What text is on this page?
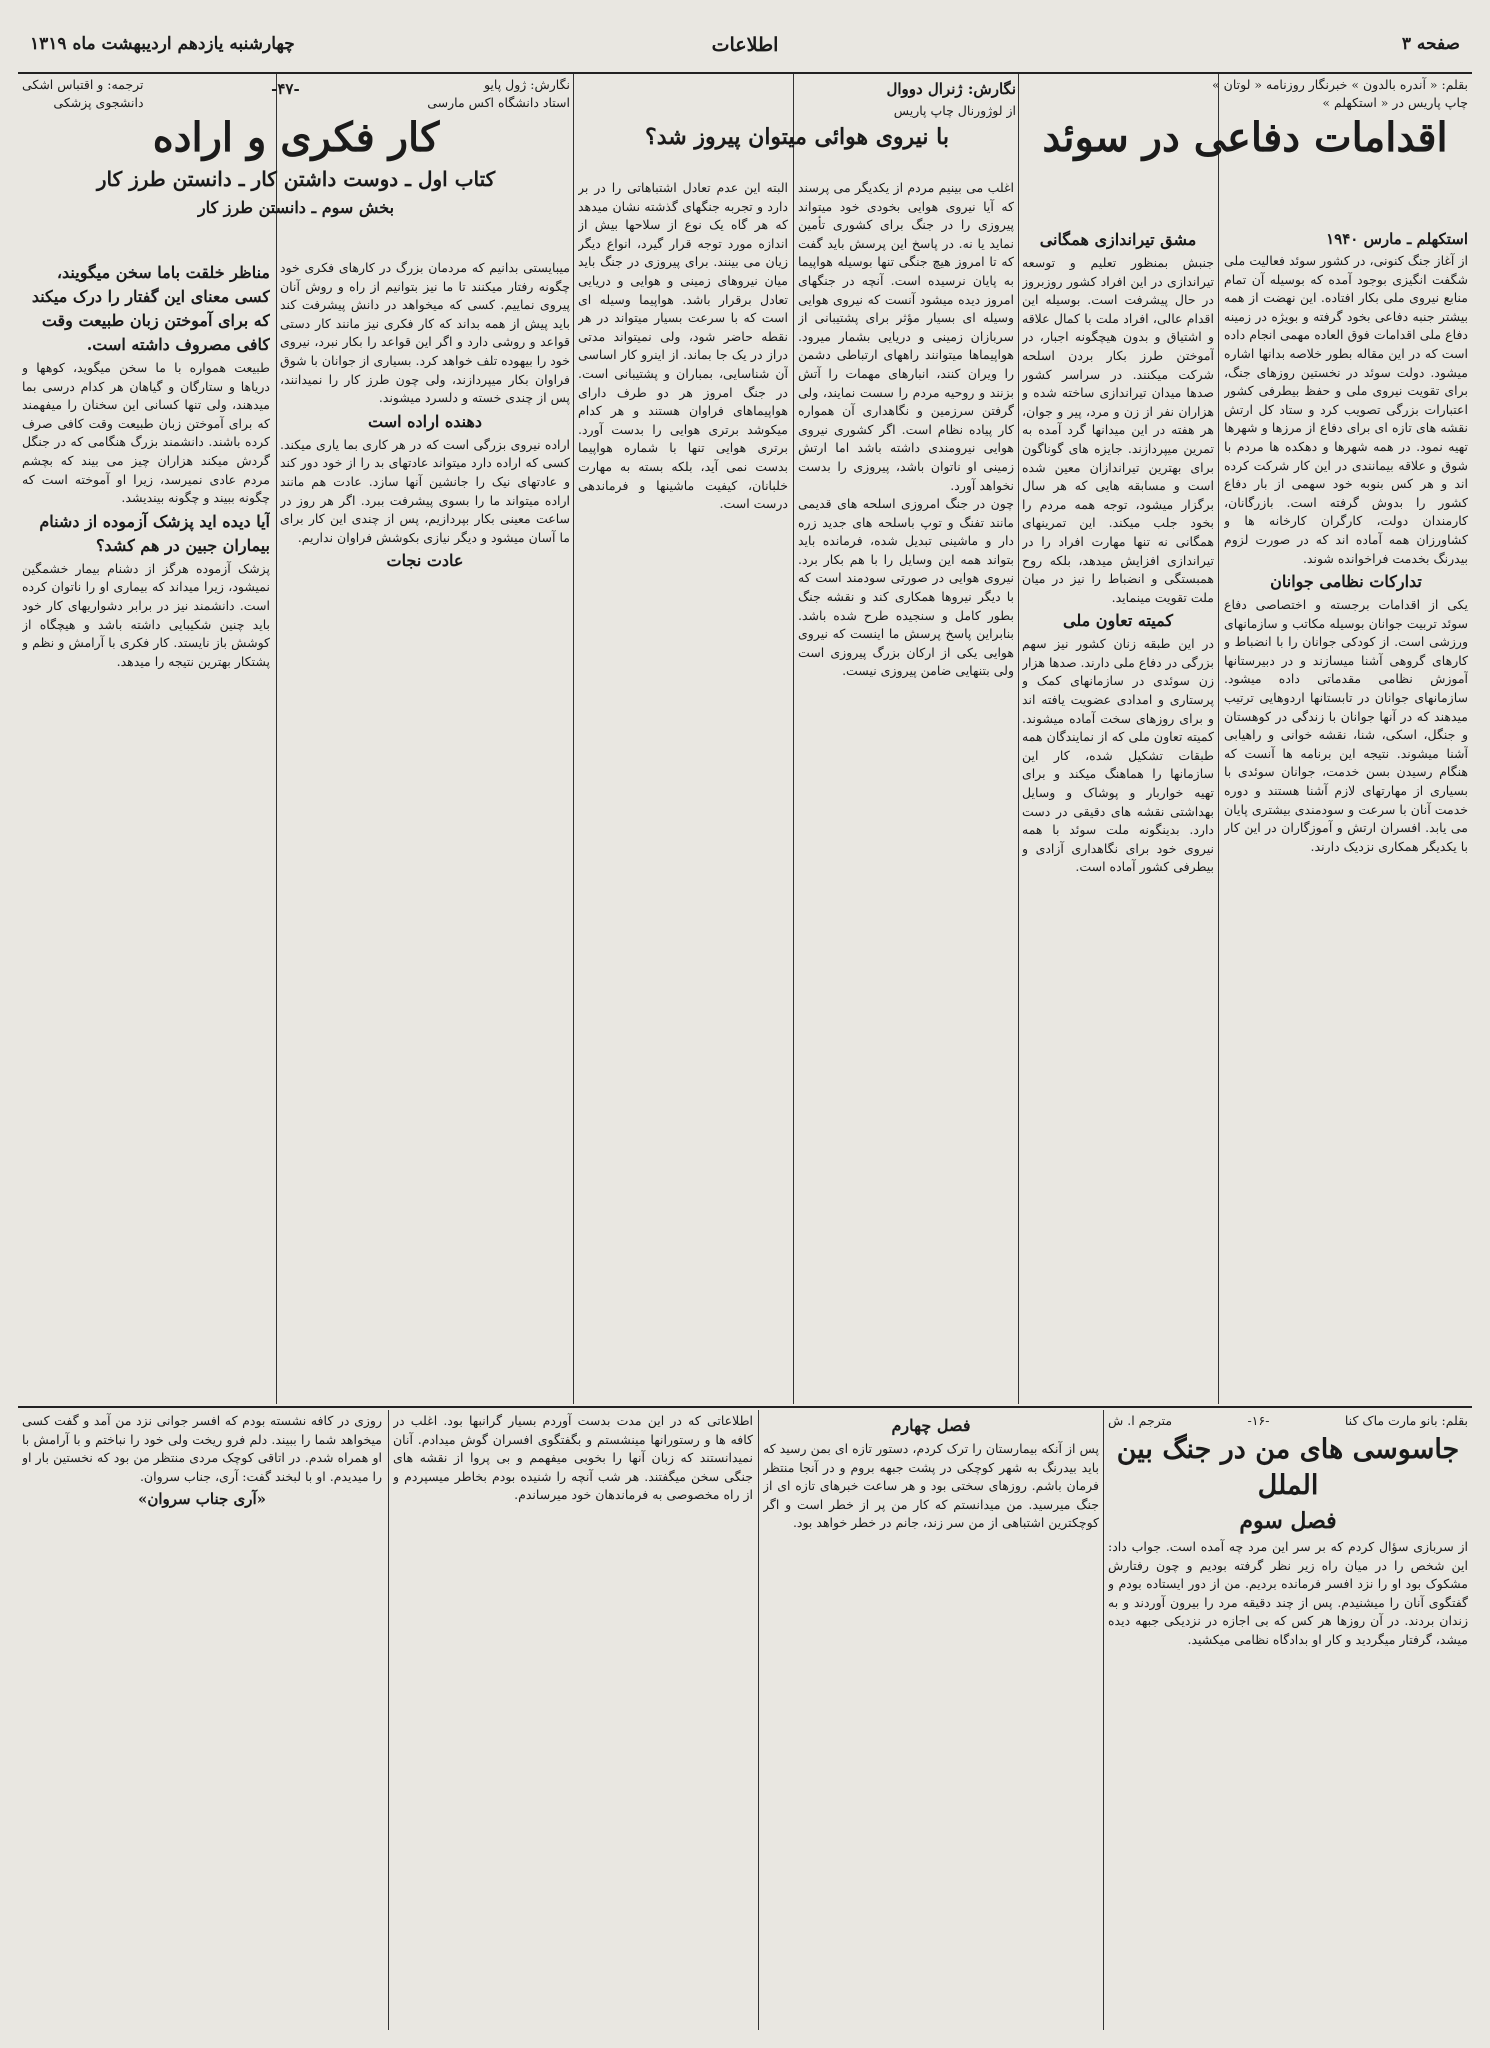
صفحه ۳
اطلاعات
چهارشنبه یازدهم اردیبهشت ماه ۱۳۱۹

بقلم: « آندره بالدون » خبرنگار روزنامه « لوتان »

چاپ پاریس در « استکهلم »

اقدامات دفاعی در سوئد

استکهلم ـ مارس ۱۹۴۰

از آغاز جنگ کنونی، در کشور سوئد فعالیت ملی شگفت انگیزی بوجود آمده که بوسیله آن تمام منابع نیروی ملی بکار افتاده. این نهضت از همه بیشتر جنبه دفاعی بخود گرفته و بویژه در زمینه دفاع ملی اقدامات فوق العاده مهمی انجام داده است که در این مقاله بطور خلاصه بدانها اشاره میشود. دولت سوئد در نخستین روزهای جنگ، برای تقویت نیروی ملی و حفظ بیطرفی کشور اعتبارات بزرگی تصویب کرد و ستاد کل ارتش نقشه های تازه ای برای دفاع از مرزها و شهرها تهیه نمود. در همه شهرها و دهکده ها مردم با شوق و علاقه بیمانندی در این کار شرکت کرده اند و هر کس بنوبه خود سهمی از بار دفاع کشور را بدوش گرفته است. بازرگانان، کارمندان دولت، کارگران کارخانه ها و کشاورزان همه آماده اند که در صورت لزوم بیدرنگ بخدمت فراخوانده شوند.

تدارکات نظامی جوانان

یکی از اقدامات برجسته و اختصاصی دفاع سوئد تربیت جوانان بوسیله مکاتب و سازمانهای ورزشی است. از کودکی جوانان را با انضباط و کارهای گروهی آشنا میسازند و در دبیرستانها آموزش نظامی مقدماتی داده میشود. سازمانهای جوانان در تابستانها اردوهایی ترتیب میدهند که در آنها جوانان با زندگی در کوهستان و جنگل، اسکی، شنا، نقشه خوانی و راهیابی آشنا میشوند. نتیجه این برنامه ها آنست که هنگام رسیدن بسن خدمت، جوانان سوئدی با بسیاری از مهارتهای لازم آشنا هستند و دوره خدمت آنان با سرعت و سودمندی بیشتری پایان می یابد. افسران ارتش و آموزگاران در این کار با یکدیگر همکاری نزدیک دارند.

مشق تیراندازی همگانی

جنبش بمنظور تعلیم و توسعه تیراندازی در این افراد کشور روزبروز در حال پیشرفت است. بوسیله این اقدام عالی، افراد ملت با کمال علاقه و اشتیاق و بدون هیچگونه اجبار، در آموختن طرز بکار بردن اسلحه شرکت میکنند. در سراسر کشور صدها میدان تیراندازی ساخته شده و هزاران نفر از زن و مرد، پیر و جوان، هر هفته در این میدانها گرد آمده به تمرین میپردازند. جایزه های گوناگون برای بهترین تیراندازان معین شده است و مسابقه هایی که هر سال برگزار میشود، توجه همه مردم را بخود جلب میکند. این تمرینهای همگانی نه تنها مهارت افراد را در تیراندازی افزایش میدهد، بلکه روح همبستگی و انضباط را نیز در میان ملت تقویت مینماید.

کمیته تعاون ملی

در این طبقه زنان کشور نیز سهم بزرگی در دفاع ملی دارند. صدها هزار زن سوئدی در سازمانهای کمک و پرستاری و امدادی عضویت یافته اند و برای روزهای سخت آماده میشوند. کمیته تعاون ملی که از نمایندگان همه طبقات تشکیل شده، کار این سازمانها را هماهنگ میکند و برای تهیه خواربار و پوشاک و وسایل بهداشتی نقشه های دقیقی در دست دارد. بدینگونه ملت سوئد با همه نیروی خود برای نگاهداری آزادی و بیطرفی کشور آماده است.

نگارش: ژنرال دووال

از لوژورنال چاپ پاریس

با نیروی هوائی میتوان پیروز شد؟

اغلب می بینیم مردم از یکدیگر می پرسند که آیا نیروی هوایی بخودی خود میتواند پیروزی را در جنگ برای کشوری تأمین نماید یا نه. در پاسخ این پرسش باید گفت که تا امروز هیچ جنگی تنها بوسیله هواپیما به پایان نرسیده است. آنچه در جنگهای امروز دیده میشود آنست که نیروی هوایی وسیله ای بسیار مؤثر برای پشتیبانی از سربازان زمینی و دریایی بشمار میرود. هواپیماها میتوانند راههای ارتباطی دشمن را ویران کنند، انبارهای مهمات را آتش بزنند و روحیه مردم را سست نمایند، ولی گرفتن سرزمین و نگاهداری آن همواره کار پیاده نظام است. اگر کشوری نیروی هوایی نیرومندی داشته باشد اما ارتش زمینی او ناتوان باشد، پیروزی را بدست نخواهد آورد.

چون در جنگ امروزی اسلحه های قدیمی مانند تفنگ و توپ باسلحه های جدید زره دار و ماشینی تبدیل شده، فرمانده باید بتواند همه این وسایل را با هم بکار برد. نیروی هوایی در صورتی سودمند است که با دیگر نیروها همکاری کند و نقشه جنگ بطور کامل و سنجیده طرح شده باشد. بنابراین پاسخ پرسش ما اینست که نیروی هوایی یکی از ارکان بزرگ پیروزی است ولی بتنهایی ضامن پیروزی نیست.

البته این عدم تعادل اشتباهاتی را در بر دارد و تجربه جنگهای گذشته نشان میدهد که هر گاه یک نوع از سلاحها بیش از اندازه مورد توجه قرار گیرد، انواع دیگر زیان می بینند. برای پیروزی در جنگ باید میان نیروهای زمینی و هوایی و دریایی تعادل برقرار باشد. هواپیما وسیله ای است که با سرعت بسیار میتواند در هر نقطه حاضر شود، ولی نمیتواند مدتی دراز در یک جا بماند. از اینرو کار اساسی آن شناسایی، بمباران و پشتیبانی است. در جنگ امروز هر دو طرف دارای هواپیماهای فراوان هستند و هر کدام میکوشد برتری هوایی را بدست آورد. برتری هوایی تنها با شماره هواپیما بدست نمی آید، بلکه بسته به مهارت خلبانان، کیفیت ماشینها و فرماندهی درست است.

نگارش: ژول پایو

استاد دانشگاه اکس مارسی

-۴۷-

ترجمه: و اقتباس اشکی

دانشجوی پزشکی

کار فکری و اراده

کتاب اول ـ دوست داشتن کار ـ دانستن طرز کار

بخش سوم ـ دانستن طرز کار

میبایستی بدانیم که مردمان بزرگ در کارهای فکری خود چگونه رفتار میکنند تا ما نیز بتوانیم از راه و روش آنان پیروی نماییم. کسی که میخواهد در دانش پیشرفت کند باید پیش از همه بداند که کار فکری نیز مانند کار دستی قواعد و روشی دارد و اگر این قواعد را بکار نبرد، نیروی خود را بیهوده تلف خواهد کرد. بسیاری از جوانان با شوق فراوان بکار میپردازند، ولی چون طرز کار را نمیدانند، پس از چندی خسته و دلسرد میشوند.

دهنده اراده است

اراده نیروی بزرگی است که در هر کاری بما یاری میکند. کسی که اراده دارد میتواند عادتهای بد را از خود دور کند و عادتهای نیک را جانشین آنها سازد. عادت هم مانند اراده میتواند ما را بسوی پیشرفت ببرد. اگر هر روز در ساعت معینی بکار بپردازیم، پس از چندی این کار برای ما آسان میشود و دیگر نیازی بکوشش فراوان نداریم.

عادت نجات

مناظر خلقت باما سخن میگویند، کسی معنای این گفتار را درک میکند که برای آموختن زبان طبیعت وقت کافی مصروف داشته است.

طبیعت همواره با ما سخن میگوید، کوهها و دریاها و ستارگان و گیاهان هر کدام درسی بما میدهند، ولی تنها کسانی این سخنان را میفهمند که برای آموختن زبان طبیعت وقت کافی صرف کرده باشند. دانشمند بزرگ هنگامی که در جنگل گردش میکند هزاران چیز می بیند که بچشم مردم عادی نمیرسد، زیرا او آموخته است که چگونه ببیند و چگونه بیندیشد.

آیا دیده اید پزشک آزموده از دشنام بیماران جبین در هم کشد؟

پزشک آزموده هرگز از دشنام بیمار خشمگین نمیشود، زیرا میداند که بیماری او را ناتوان کرده است. دانشمند نیز در برابر دشواریهای کار خود باید چنین شکیبایی داشته باشد و هیچگاه از کوشش باز نایستد. کار فکری با آرامش و نظم و پشتکار بهترین نتیجه را میدهد.

بقلم: بانو مارت ماک کنا

-۱۶-

مترجم ا. ش

جاسوسی های من در جنگ بین الملل

فصل سوم

از سربازی سؤال کردم که بر سر این مرد چه آمده است. جواب داد: این شخص را در میان راه زیر نظر گرفته بودیم و چون رفتارش مشکوک بود او را نزد افسر فرمانده بردیم. من از دور ایستاده بودم و گفتگوی آنان را میشنیدم. پس از چند دقیقه مرد را بیرون آوردند و به زندان بردند. در آن روزها هر کس که بی اجازه در نزدیکی جبهه دیده میشد، گرفتار میگردید و کار او بدادگاه نظامی میکشید.

فصل چهارم

پس از آنکه بیمارستان را ترک کردم، دستور تازه ای بمن رسید که باید بیدرنگ به شهر کوچکی در پشت جبهه بروم و در آنجا منتظر فرمان باشم. روزهای سختی بود و هر ساعت خبرهای تازه ای از جنگ میرسید. من میدانستم که کار من پر از خطر است و اگر کوچکترین اشتباهی از من سر زند، جانم در خطر خواهد بود.

اطلاعاتی که در این مدت بدست آوردم بسیار گرانبها بود. اغلب در کافه ها و رستورانها مینشستم و بگفتگوی افسران گوش میدادم. آنان نمیدانستند که زبان آنها را بخوبی میفهمم و بی پروا از نقشه های جنگی سخن میگفتند. هر شب آنچه را شنیده بودم بخاطر میسپردم و از راه مخصوصی به فرماندهان خود میرساندم.

روزی در کافه نشسته بودم که افسر جوانی نزد من آمد و گفت کسی میخواهد شما را ببیند. دلم فرو ریخت ولی خود را نباختم و با آرامش با او همراه شدم. در اتاقی کوچک مردی منتظر من بود که نخستین بار او را میدیدم. او با لبخند گفت: آری، جناب سروان.

«آری جناب سروان»
